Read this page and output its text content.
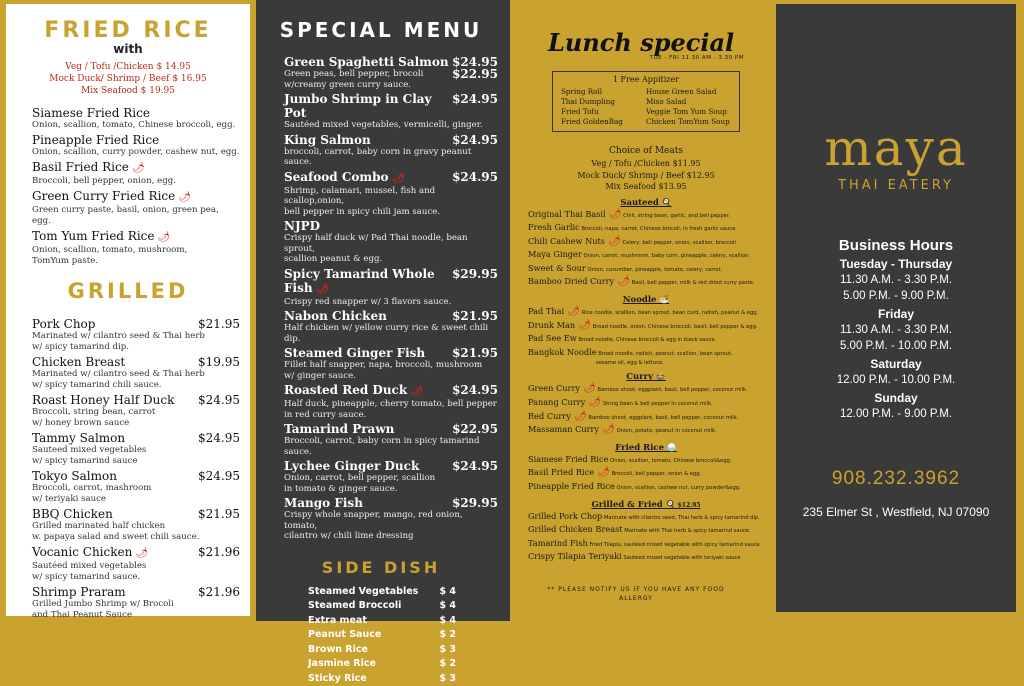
FRIED RICE
with
Veg / Tofu /Chicken $ 14.95
Mock Duck/ Shrimp / Beef $ 16.95
Mix Seafood $ 19.95
Siamese Fried Rice
Onion, scallion, tomato, Chinese broccoli, egg.
Pineapple Fried Rice
Onion, scallion, curry powder, cashew nut, egg.
Basil Fried Rice 🌶
Broccoli, bell pepper, onion, egg.
Green Curry Fried Rice 🌶
Green curry paste, basil, onion, green pea, egg.
Tom Yum Fried Rice 🌶
Onion, scallion, tomato, mushroom,
TomYum paste.
GRILLED
Pork Chop	$21.95
Marinated w/ cilantro seed & Thai herb
w/ spicy tamarind dip.
Chicken Breast	$19.95
Marinated w/ cilantro seed & Thai herb
w/ spicy tamarind chili sauce.
Roast Honey Half Duck $24.95
Broccoli, string bean, carrot
w/ honey brown sauce
Tammy Salmon	$24.95
Sauteed mixed vegetables
w/ spicy tamarind sauce
Tokyo Salmon	$24.95
Broccoli, carrot, mashroom
w/ teriyaki sauce
BBQ Chicken	$21.95
Grilled marinated half chicken
w. papaya salad and sweet chili sauce.
Vocanic Chicken 🌶	$21.96
Sautéed mixed vegetables
w/ spicy tamarind sauce.
Shrimp Praram	$21.96
Grilled Jumbo Shrimp w/ Brocoli
and Thai Peanut Sauce
SPECIAL MENU
Green Spaghetti Salmon $24.95
Green peas, bell pepper, brocoli $22.95
w/creamy green curry sauce.
Jumbo Shrimp in Clay Pot
$24.95
Sautéed mixed vegetables, vermicelli, ginger.
King Salmon	$24.95
broccoli, carrot, baby corn in gravy peanut sauce.
Seafood Combo 🌶	$24.95
Shrimp, calamari, mussel, fish and scallop,onion,
bell pepper in spicy chili jam sauce.
NJPD
Crispy half duck w/ Pad Thai noodle, bean sprout,
scallion peanut & egg.
Spicy Tamarind Whole Fish 🌶
$29.95
Crispy red snapper w/ 3 flavors sauce.
Nabon Chicken	$21.95
Half chicken w/ yellow curry rice & sweet chili dip.
Steamed Ginger Fish $21.95
Fillet half snapper, napa, broccoli, mushroom
w/ ginger sauce.
Roasted Red Duck 🌶 $24.95
Half duck, pineapple, cherry tomato, bell pepper
in red curry sauce.
Tamarind Prawn	$22.95
Broccoli, carrot, baby corn in spicy tamarind sauce.
Lychee Ginger Duck	$24.95
Onion, carrot, bell pepper, scallion
in tomato & ginger sauce.
Mango Fish	$29.95
Crispy whole snapper, mango, red onion, tomato,
cilantro w/ chili lime dressing
SIDE DISH
Steamed Vegetables $ 4
Steamed Broccoli	$ 4
Extra meat	$ 4
Peanut Sauce	$ 2
Brown Rice	$ 3
Jasmine Rice	$ 2
Sticky Rice	$ 3
Lunch special
TUE - FRI 11.30 AM - 3.30 PM
1 Free Appitizer
Spring Roll	House Green Salad
Thai Dumpling	Miso Salad
Fried Tofu	Veggie Tom Yum Soup
Fried GoldenBag	Chicken TomYum Soup
Choice of Meats
Veg / Tofu /Chicken $11.95
Mock Duck/ Shrimp / Beef $12.95
Mix Seafood $13.95
Sauteed 🍳
Original Thai Basil 🌶 Chili, string bean, garlic, and bell pepper.
Fresh Garlic Broccoli, napa, carrot, Chinese brocoli, in fresh garlic sauce.
Chili Cashew Nuts 🌶 Celery, bell pepper, onion, scallion, broccoli
Maya Ginger Onion, carrot, mushroom, baby corn, pineapple, celery, scallion.
Sweet & Sour Onion, cucumber, pineapple, tomato, celery, carrot.
Bamboo Dried Curry 🌶 Basil, bell pepper, milk & red dried curry paste.
Noodle 🍜
Pad Thai 🌶 Rice noodle, scallion, bean sprout, bean curd, radish, peanut & egg.
Drunk Man 🌶 Broad noodle, onion, Chinese broccoli, basil, bell pepper & egg.
Pad See Ew Broad noodle, Chinese broccoli & egg in black sauce.
Bangkok Noodle Broad noodle, radish, peanut, scallion, bean sprout,
sesame oil, egg & lettuce.
Curry 🍲
Green Curry 🌶 Bamboo shoot, eggplant, basil, bell pepper, coconut milk.
Panang Curry 🌶 String bean & bell pepper in coconut milk.
Red Curry 🌶 Bamboo shoot, eggplant, basil, bell pepper, coconut milk.
Massaman Curry 🌶 Onion, potato, peanut in coconut milk.
Fried Rice 🍚
Siamese Fried Rice Onion, scallion, tomato, Chinese broccoli&egg.
Basil Fried Rice 🌶 Broccoli, bell pepper, onion & egg.
Pineapple Fried Rice Onion, scallion, cashew nut, curry powder&egg.
Grilled & Fried 🍳 $12.95
Grilled Pork Chop Marinate with cilantro seed, Thai herb & spicy tamarind dip.
Grilled Chicken Breast Marinate with Thai herb & spicy tamarind sauce.
Tamarind Fish Fried Tilapia, sautéed mixed vegetable with spicy tamarind sauce
Crispy Tilapia Teriyaki Sauteed mixed vegetable with teriyaki sauce
** PLEASE NOTIFY US IF YOU HAVE ANY FOOD ALLERGY
maya
THAI EATERY
Business Hours
Tuesday - Thursday
11.30 A.M. - 3.30 P.M.
5.00 P.M. - 9.00 P.M.
Friday
11.30 A.M. - 3.30 P.M.
5.00 P.M. - 10.00 P.M.
Saturday
12.00 P.M. - 10.00 P.M.
Sunday
12.00 P.M. - 9.00 P.M.
908.232.3962
235 Elmer St , Westfield, NJ 07090
